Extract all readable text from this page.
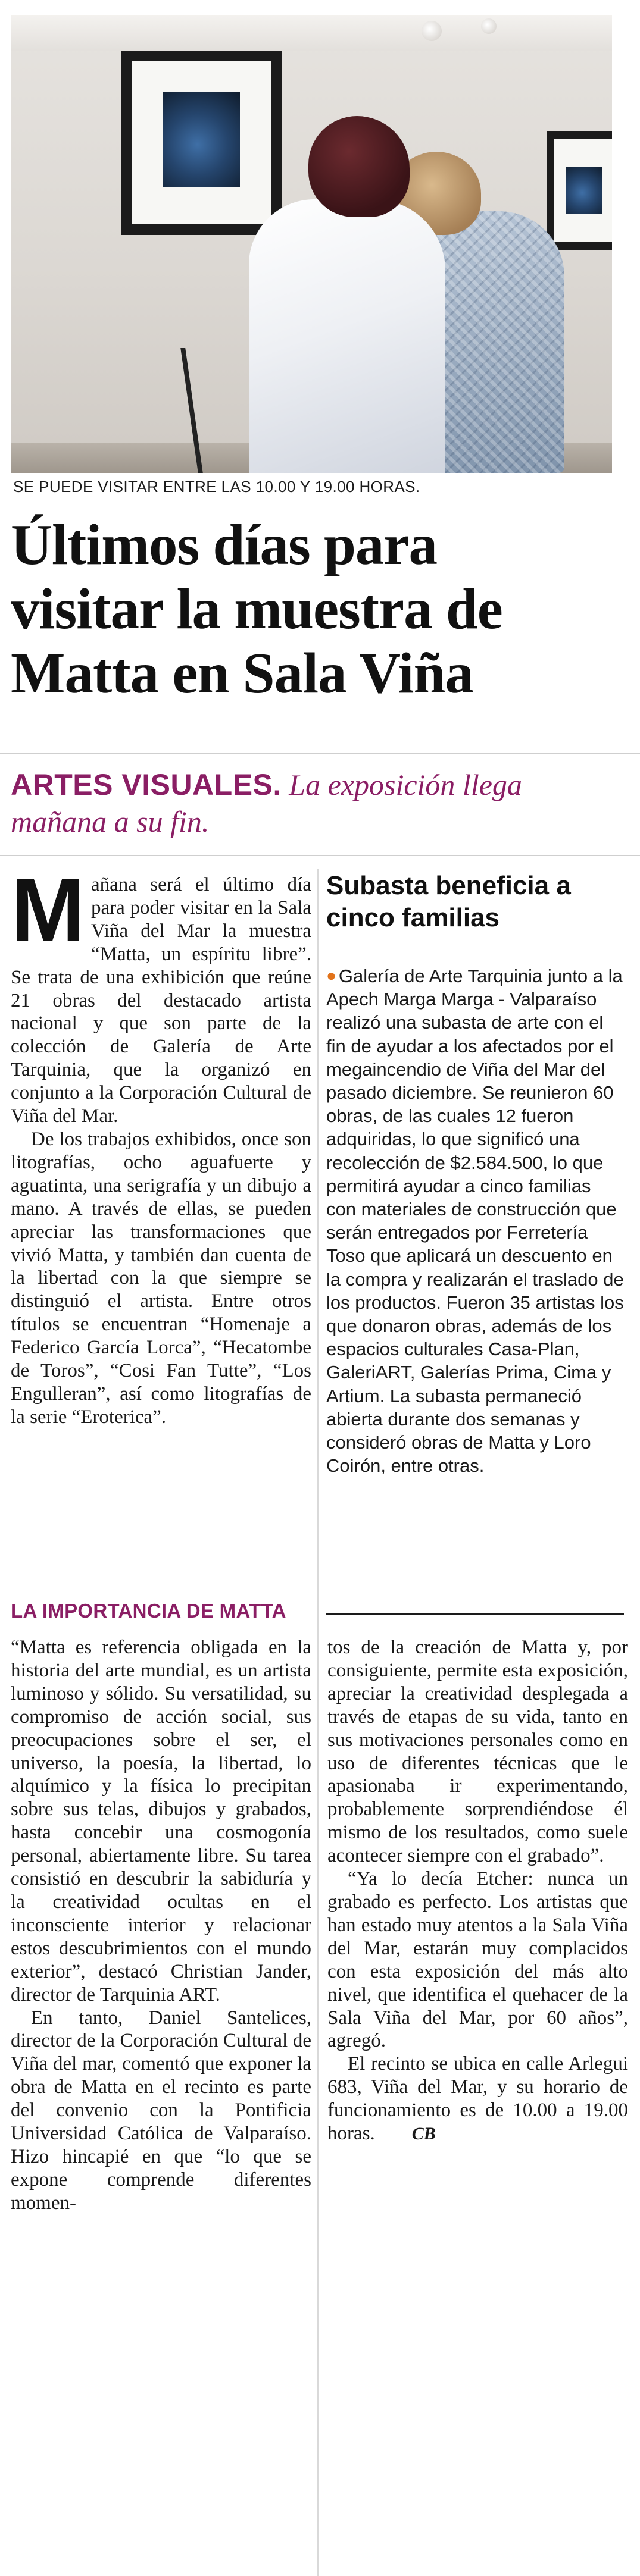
SE PUEDE VISITAR ENTRE LAS 10.00 Y 19.00 HORAS.
Últimos días para
visitar la muestra de
Matta en Sala Viña
ARTES VISUALES. La exposición llega mañana a su fin.

Mañana será el último día para poder visitar en la Sala Viña del Mar la muestra “Matta, un espíritu libre”. Se trata de una exhibición que reúne 21 obras del destacado artista nacional y que son parte de la colección de Galería de Arte Tarquinia, que la organizó en conjunto a la Corporación Cultural de Viña del Mar.

De los trabajos exhibidos, once son litografías, ocho aguafuerte y aguatinta, una serigrafía y un dibujo a mano. A través de ellas, se pueden apreciar las transformaciones que vivió Matta, y también dan cuenta de la libertad con la que siempre se distinguió el artista. Entre otros títulos se encuentran “Homenaje a Federico García Lorca”, “Hecatombe de Toros”, “Cosi Fan Tutte”, “Los Engulleran”, así como litografías de la serie “Eroterica”.

Subasta beneficia a cinco familias
● Galería de Arte Tarquinia junto a la Apech Marga Marga - Valparaíso realizó una subasta de arte con el fin de ayudar a los afectados por el megaincendio de Viña del Mar del pasado diciembre. Se reunieron 60 obras, de las cuales 12 fueron adquiridas, lo que significó una recolección de $2.584.500, lo que permitirá ayudar a cinco familias con materiales de construcción que serán entregados por Ferretería Toso que aplicará un descuento en la compra y realizarán el traslado de los productos. Fueron 35 artistas los que donaron obras, además de los espacios culturales Casa-Plan, GaleriART, Galerías Prima, Cima y Artium. La subasta permaneció abierta durante dos semanas y consideró obras de Matta y Loro Coirón, entre otras.
LA IMPORTANCIA DE MATTA

“Matta es referencia obligada en la historia del arte mundial, es un artista luminoso y sólido. Su versatilidad, su compromiso de acción social, sus preocupaciones sobre el ser, el universo, la poesía, la libertad, lo alquímico y la física lo precipitan sobre sus telas, dibujos y grabados, hasta concebir una cosmogonía personal, abiertamente libre. Su tarea consistió en descubrir la sabiduría y la creatividad ocultas en el inconsciente interior y relacionar estos descubrimientos con el mundo exterior”, destacó Christian Jander, director de Tarquinia ART.

En tanto, Daniel Santelices, director de la Corporación Cultural de Viña del mar, comentó que exponer la obra de Matta en el recinto es parte del convenio con la Pontificia Universidad Católica de Valparaíso. Hizo hincapié en que “lo que se expone comprende diferentes momen-

tos de la creación de Matta y, por consiguiente, permite esta exposición, apreciar la creatividad desplegada a través de etapas de su vida, tanto en sus motivaciones personales como en uso de diferentes técnicas que le apasionaba ir experimentando, probablemente sorprendiéndose él mismo de los resultados, como suele acontecer siempre con el grabado”.

“Ya lo decía Etcher: nunca un grabado es perfecto. Los artistas que han estado muy atentos a la Sala Viña del Mar, estarán muy complacidos con esta exposición del más alto nivel, que identifica el quehacer de la Sala Viña del Mar, por 60 años”, agregó.

El recinto se ubica en calle Arlegui 683, Viña del Mar, y su horario de funcionamiento es de 10.00 a 19.00 horas. CB
